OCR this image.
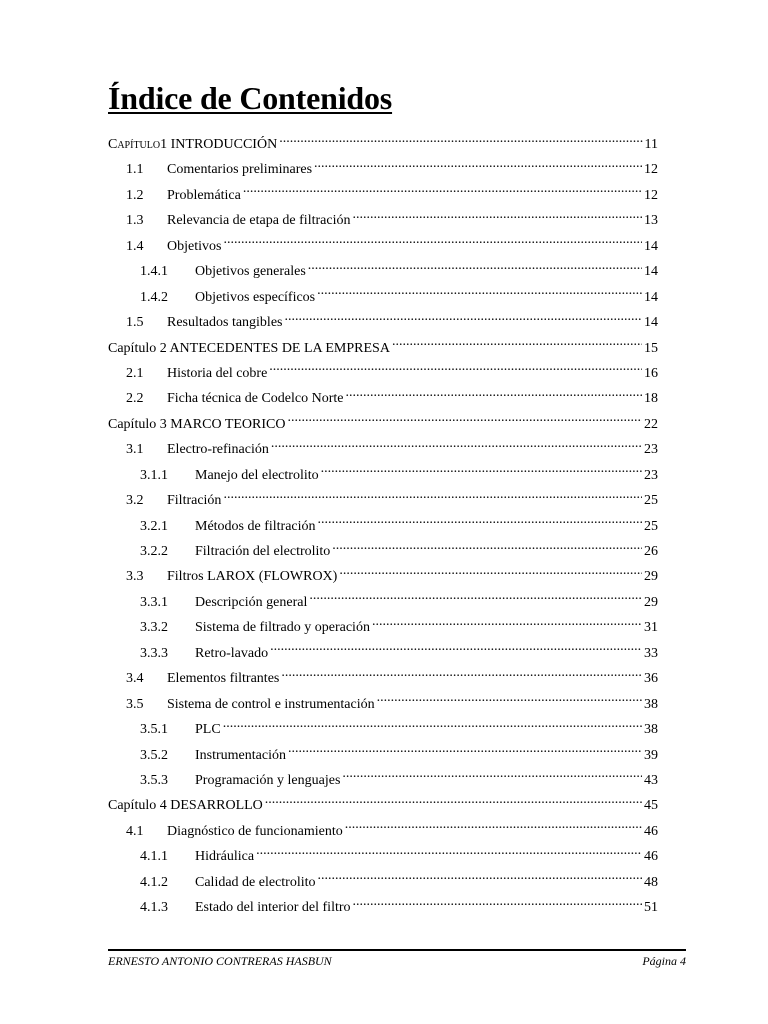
Índice de Contenidos
Capítulo 1 INTRODUCCIÓN .....	11
1.1	Comentarios preliminares .....	12
1.2	Problemática .....	12
1.3	Relevancia de etapa de filtración .....	13
1.4	Objetivos .....	14
1.4.1	Objetivos generales .....	14
1.4.2	Objetivos específicos .....	14
1.5	Resultados tangibles .....	14
Capítulo 2 ANTECEDENTES DE LA EMPRESA .....	15
2.1	Historia del cobre .....	16
2.2	Ficha técnica de Codelco Norte .....	18
Capítulo 3 MARCO TEORICO .....	22
3.1	Electro-refinación .....	23
3.1.1	Manejo del electrolito .....	23
3.2	Filtración .....	25
3.2.1	Métodos de filtración .....	25
3.2.2	Filtración del electrolito .....	26
3.3	Filtros LAROX (FLOWROX) .....	29
3.3.1	Descripción general .....	29
3.3.2	Sistema de filtrado y operación .....	31
3.3.3	Retro-lavado .....	33
3.4	Elementos filtrantes .....	36
3.5	Sistema de control e instrumentación .....	38
3.5.1	PLC .....	38
3.5.2	Instrumentación .....	39
3.5.3	Programación y lenguajes .....	43
Capítulo 4 DESARROLLO .....	45
4.1	Diagnóstico de funcionamiento .....	46
4.1.1	Hidráulica .....	46
4.1.2	Calidad de electrolito .....	48
4.1.3	Estado del interior del filtro .....	51
ERNESTO ANTONIO CONTRERAS HASBUN	Página 4
